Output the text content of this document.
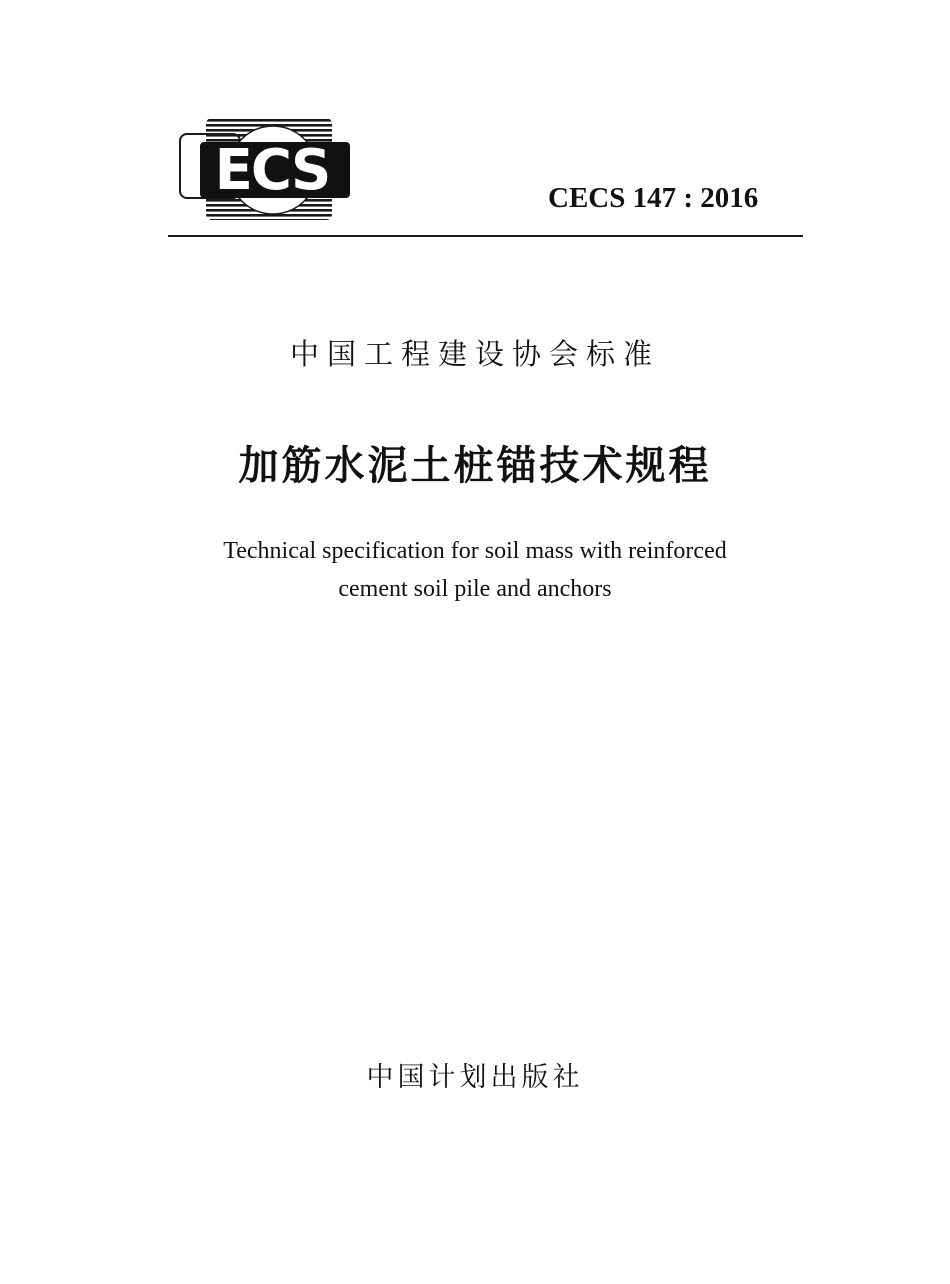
ECS	CECS 147 : 2016
中国工程建设协会标准
加筋水泥土桩锚技术规程
Technical specification for soil mass with reinforced
cement soil pile and anchors
中国计划出版社
